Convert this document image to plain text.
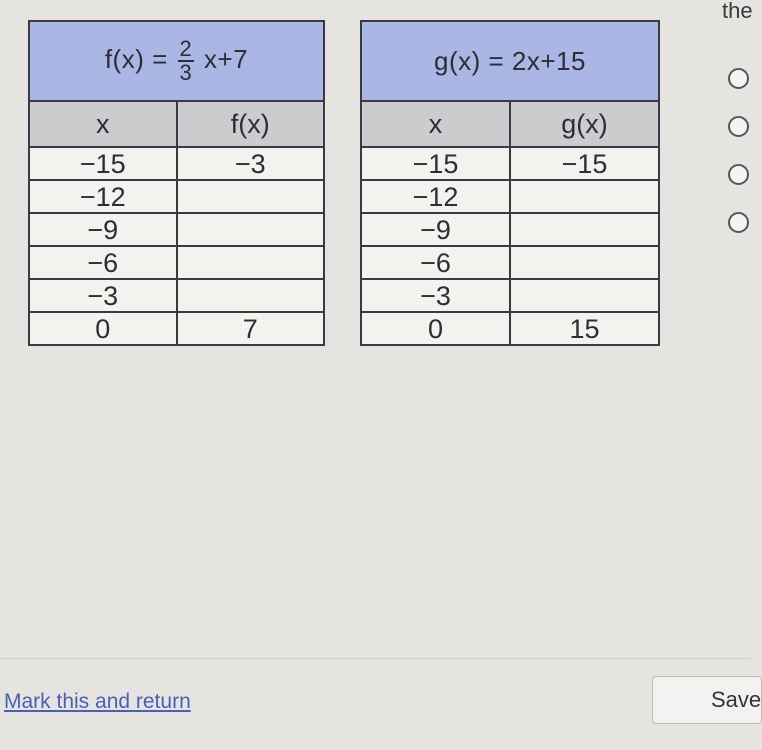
$f(x) = \frac{2}{3} x+7$	
x	f(x)
−15	−3
−12	
−9	
−6	
−3	
0	7
g(x) = 2x+15	
x	g(x)
−15	−15
−12	
−9	
−6	
−3	
0	15
the
Mark this and return	Save
